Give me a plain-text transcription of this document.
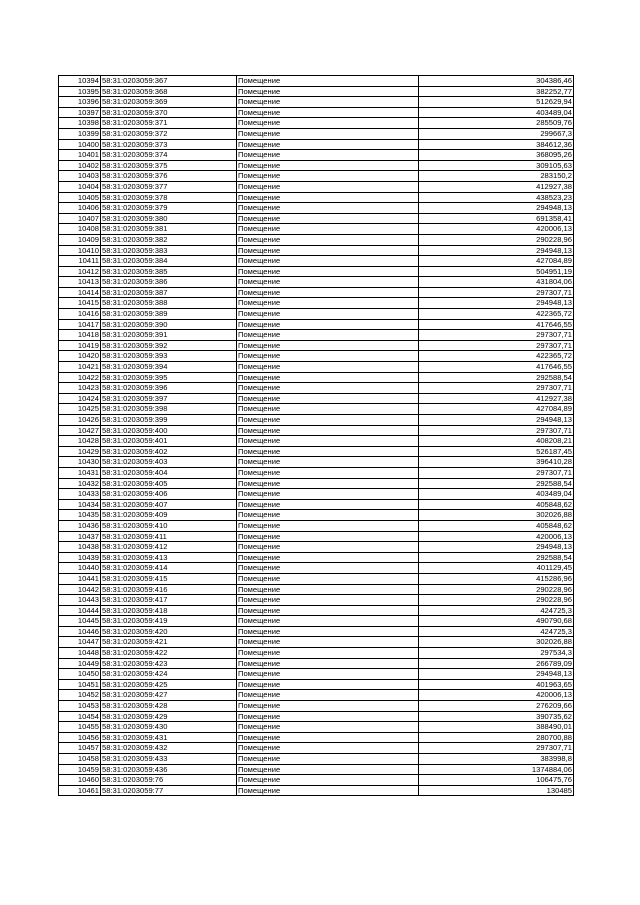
10394	58:31:0203059:367	Помещение	304386,46
10395	58:31:0203059:368	Помещение	382252,77
10396	58:31:0203059:369	Помещение	512629,94
10397	58:31:0203059:370	Помещение	403489,04
10398	58:31:0203059:371	Помещение	285509,76
10399	58:31:0203059:372	Помещение	299667,3
10400	58:31:0203059:373	Помещение	384612,36
10401	58:31:0203059:374	Помещение	368095,26
10402	58:31:0203059:375	Помещение	309105,63
10403	58:31:0203059:376	Помещение	283150,2
10404	58:31:0203059:377	Помещение	412927,38
10405	58:31:0203059:378	Помещение	438523,23
10406	58:31:0203059:379	Помещение	294948,13
10407	58:31:0203059:380	Помещение	691358,41
10408	58:31:0203059:381	Помещение	420006,13
10409	58:31:0203059:382	Помещение	290228,96
10410	58:31:0203059:383	Помещение	294948,13
10411	58:31:0203059:384	Помещение	427084,89
10412	58:31:0203059:385	Помещение	504951,19
10413	58:31:0203059:386	Помещение	431804,06
10414	58:31:0203059:387	Помещение	297307,71
10415	58:31:0203059:388	Помещение	294948,13
10416	58:31:0203059:389	Помещение	422365,72
10417	58:31:0203059:390	Помещение	417646,55
10418	58:31:0203059:391	Помещение	297307,71
10419	58:31:0203059:392	Помещение	297307,71
10420	58:31:0203059:393	Помещение	422365,72
10421	58:31:0203059:394	Помещение	417646,55
10422	58:31:0203059:395	Помещение	292588,54
10423	58:31:0203059:396	Помещение	297307,71
10424	58:31:0203059:397	Помещение	412927,38
10425	58:31:0203059:398	Помещение	427084,89
10426	58:31:0203059:399	Помещение	294948,13
10427	58:31:0203059:400	Помещение	297307,71
10428	58:31:0203059:401	Помещение	408208,21
10429	58:31:0203059:402	Помещение	526187,45
10430	58:31:0203059:403	Помещение	396410,28
10431	58:31:0203059:404	Помещение	297307,71
10432	58:31:0203059:405	Помещение	292588,54
10433	58:31:0203059:406	Помещение	403489,04
10434	58:31:0203059:407	Помещение	405848,62
10435	58:31:0203059:409	Помещение	302026,88
10436	58:31:0203059:410	Помещение	405848,62
10437	58:31:0203059:411	Помещение	420006,13
10438	58:31:0203059:412	Помещение	294948,13
10439	58:31:0203059:413	Помещение	292588,54
10440	58:31:0203059:414	Помещение	401129,45
10441	58:31:0203059:415	Помещение	415286,96
10442	58:31:0203059:416	Помещение	290228,96
10443	58:31:0203059:417	Помещение	290228,96
10444	58:31:0203059:418	Помещение	424725,3
10445	58:31:0203059:419	Помещение	490790,68
10446	58:31:0203059:420	Помещение	424725,3
10447	58:31:0203059:421	Помещение	302026,88
10448	58:31:0203059:422	Помещение	297534,3
10449	58:31:0203059:423	Помещение	266789,09
10450	58:31:0203059:424	Помещение	294948,13
10451	58:31:0203059:425	Помещение	401963,65
10452	58:31:0203059:427	Помещение	420006,13
10453	58:31:0203059:428	Помещение	276209,66
10454	58:31:0203059:429	Помещение	390735,62
10455	58:31:0203059:430	Помещение	388490,01
10456	58:31:0203059:431	Помещение	280700,88
10457	58:31:0203059:432	Помещение	297307,71
10458	58:31:0203059:433	Помещение	383998,8
10459	58:31:0203059:436	Помещение	1374884,06
10460	58:31:0203059:76	Помещение	106475,76
10461	58:31:0203059:77	Помещение	130485
